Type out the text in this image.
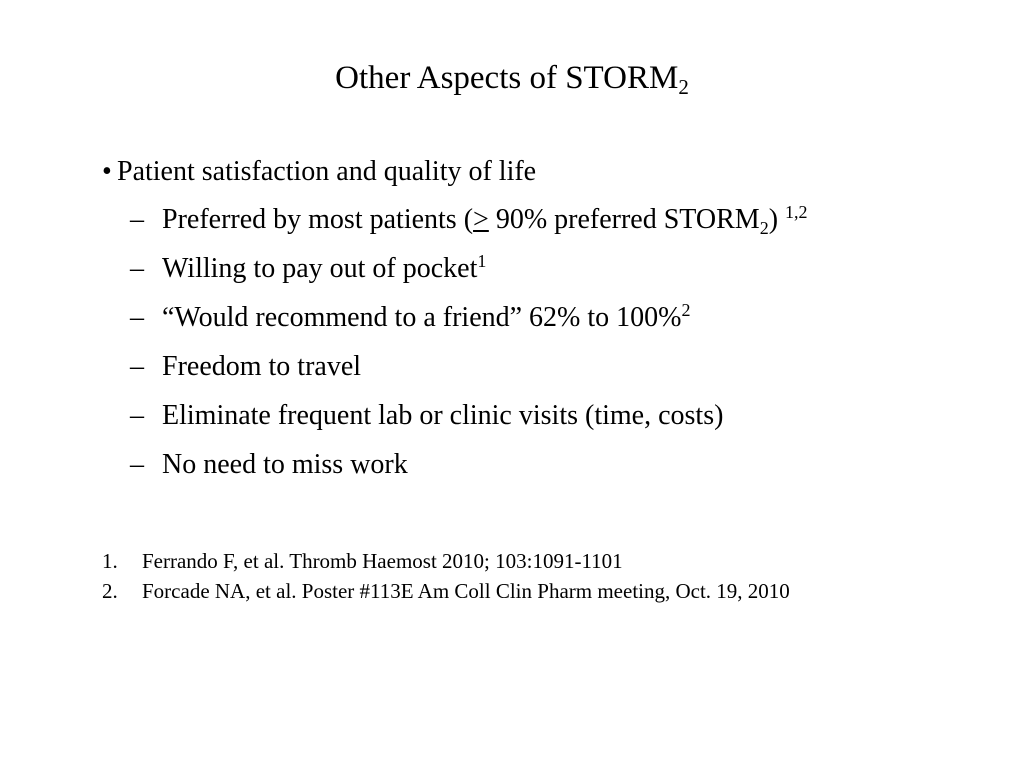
Other Aspects of $STORM_2$
• Patient satisfaction and quality of life
– Preferred by most patients (≥ 90% preferred $STORM_2$) $^{1,2}$
– Willing to pay out of pocket$^1$
– “Would recommend to a friend” 62% to 100%$^2$
– Freedom to travel
– Eliminate frequent lab or clinic visits (time, costs)
– No need to miss work
1. Ferrando F, et al. Thromb Haemost 2010; 103:1091-1101
2. Forcade NA, et al. Poster #113E Am Coll Clin Pharm meeting, Oct. 19, 2010
